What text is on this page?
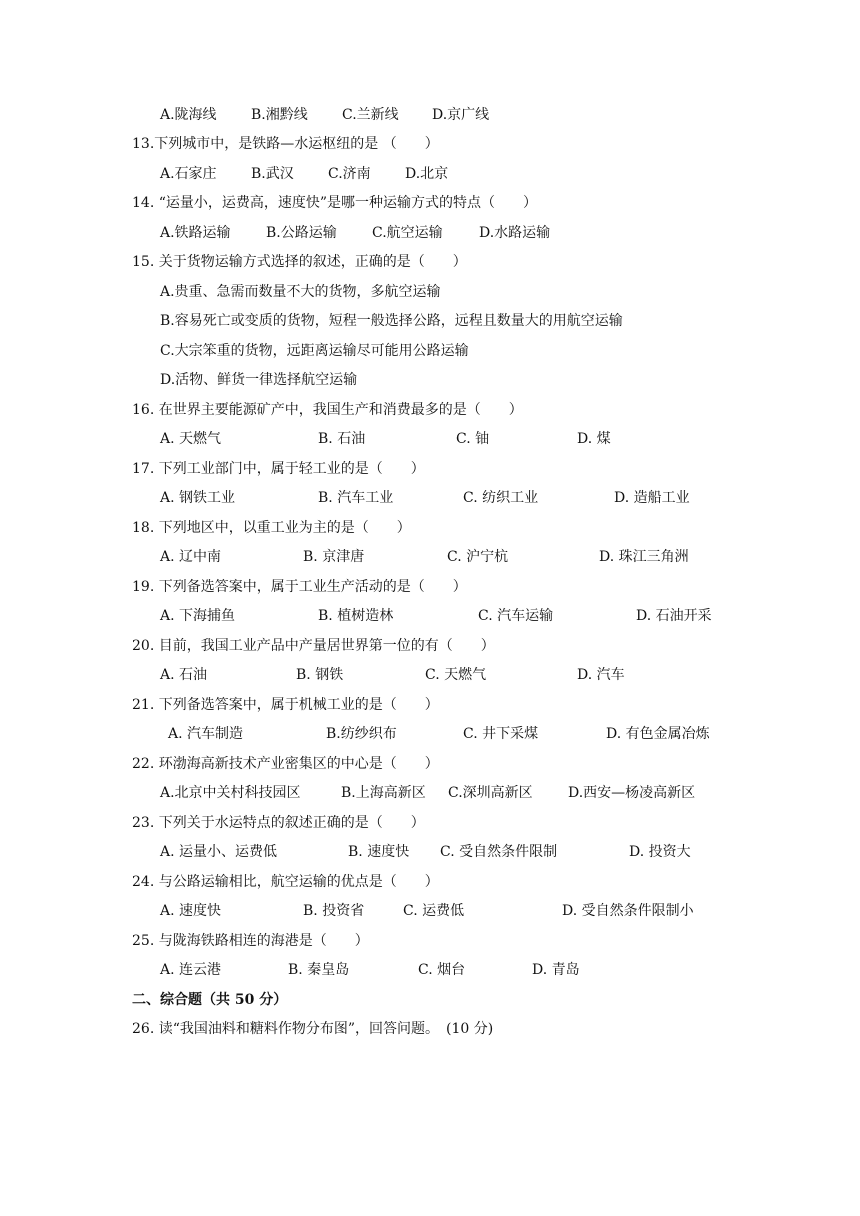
A.陇海线 B.湘黔线 C.兰新线 D.京广线
13.下列城市中，是铁路—水运枢纽的是 （　　）
A.石家庄 B.武汉 C.济南 D.北京
14. “运量小，运费高，速度快”是哪一种运输方式的特点（　　）
A.铁路运输	B.公路运输	C.航空运输	D.水路运输
15. 关于货物运输方式选择的叙述，正确的是（　　）
A.贵重、急需而数量不大的货物，多航空运输
B.容易死亡或变质的货物，短程一般选择公路，远程且数量大的用航空运输
C.大宗笨重的货物，远距离运输尽可能用公路运输
D.活物、鲜货一律选择航空运输
16. 在世界主要能源矿产中，我国生产和消费最多的是（　　）
A. 天燃气	B. 石油	C. 铀	D. 煤
17. 下列工业部门中，属于轻工业的是（　　）
A. 钢铁工业	B. 汽车工业	C. 纺织工业	D. 造船工业
18. 下列地区中，以重工业为主的是（　　）
A. 辽中南	B. 京津唐	C. 沪宁杭	D. 珠江三角洲
19. 下列备选答案中，属于工业生产活动的是（　　）
A. 下海捕鱼	B. 植树造林	C. 汽车运输	D. 石油开采
20. 目前，我国工业产品中产量居世界第一位的有（　　）
A. 石油	B. 钢铁	C. 天燃气	D. 汽车
21. 下列备选答案中，属于机械工业的是（　　）
A. 汽车制造	B.纺纱织布	C. 井下采煤	D. 有色金属冶炼
22. 环渤海高新技术产业密集区的中心是（　　）
A.北京中关村科技园区	B.上海高新区 C.深圳高新区	D.西安—杨凌高新区
23. 下列关于水运特点的叙述正确的是（　　）
A. 运量小、运费低	B. 速度快 C. 受自然条件限制	D. 投资大
24. 与公路运输相比，航空运输的优点是（　　）
A. 速度快	B. 投资省	C. 运费低	D. 受自然条件限制小
25. 与陇海铁路相连的海港是（　　）
A. 连云港	B. 秦皇岛	C. 烟台	D. 青岛
二、综合题（共 50 分）
26. 读“我国油料和糖料作物分布图”，回答问题。　(10 分)
